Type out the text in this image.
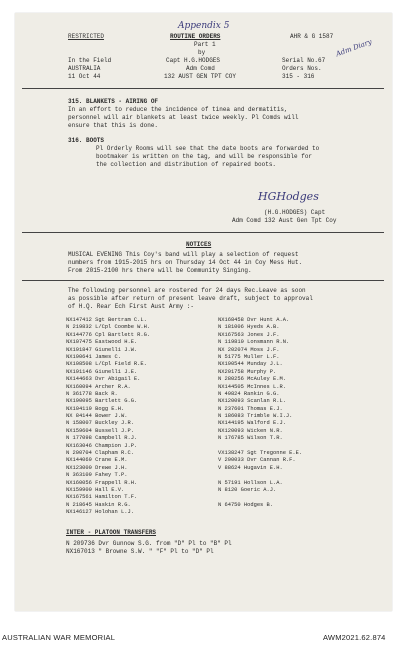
RESTRICTED
Appendix 5
AHR & G 1587
Adm Diary
ROUTINE ORDERS
Part 1
by
Capt H.G.HODGES
Adm Comd
132 AUST GEN TPT COY
In the Field
AUSTRALIA
11 Oct 44
Serial No.67
Orders Nos.
315 - 316
315. BLANKETS - AIRING OF
In an effort to reduce the incidence of tinea and dermatitis,
personnel will air blankets at least twice weekly. Pl Comds will
ensure that this is done.
316. BOOTS
Pl Orderly Rooms will see that the date boots are forwarded to
bootmaker is written on the tag, and will be responsible for
the collection and distribution of repaired boots.
HGHodges
(H.G.HODGES) Capt
Adm Comd 132 Aust Gen Tpt Coy
NOTICES
MUSICAL EVENING This Coy's band will play a selection of request
numbers from 1915-2015 hrs on Thursday 14 Oct 44 in Coy Mess Hut.
From 2015-2100 hrs there will be Community Singing.
The following personnel are rostered for 24 days Rec.Leave as soon
as possible after return of present leave draft, subject to approval
of H.Q. Rear Ech First Aust Army :-
NX147412 Sgt Bertram C.L.
N 219832 L/Cpl Coombe W.H.
NX144776 Cpl Bartlett R.G.
NX107475 Eastwood H.E.
NX191847 Giunelli J.W.
NX190641 James C.
NX108508 L/Cpl Field R.E.
NX191146 Giunelli J.E.
NX144663 Dvr Abigail E.
NX160094 Archer R.A.
N 361778 Back R.
NX190095 Bartlett G.G.
NX104119 Bogg E.H.
NX 84144 Bower J.W.
N 158007 Buckley J.R.
NX159604 Bussell J.P.
N 177098 Campbell R.J.
NX163046 Champion J.P.
N 200704 Clapham R.C.
NX144069 Crane E.M.
NX123000 Drewe J.H.
N 363109 Fahey T.P.
NX160056 Frappell R.H.
NX159900 Hall E.V.
NX167561 Hamilton T.F.
N 218645 Haskin R.G.
NX146127 Holohan L.J.
NX168458 Dvr Hunt A.A.
N 181006 Hyeds A.B.
NX167563 Jones J.F.
N 119810 Lonsmann R.N.
NX 202074 Moss J.F.
N 51775 Muller L.F.
NX190544 Munday J.L.
NX201758 Murphy P.
N 280256 McAuley E.M.
NX144505 McInnes L.R.
N 49824 Rankin G.G.
NX120093 Scanlan R.L.
N 237601 Thomas E.J.
N 186083 Trimble W.I.J.
NX144195 Walford E.J.
NX120093 Wicken N.R.
N 176785 Wilson T.R.
VX138247 Sgt Tregonne E.E.
V 200033 Dvr Cannan R.F.
V 88624 Hugavin E.H.
N 57191 Hollson L.A.
N 8120 Goeric A.J.
N 64750 Hodges B.
INTER - PLATOON TRANSFERS
N 209736 Dvr Gunnow S.G. from "D" Pl to "B" Pl
NX167013 " Browne S.W. " "F" Pl to "D" Pl
AUSTRALIAN WAR MEMORIAL	AWM2021.62.874
